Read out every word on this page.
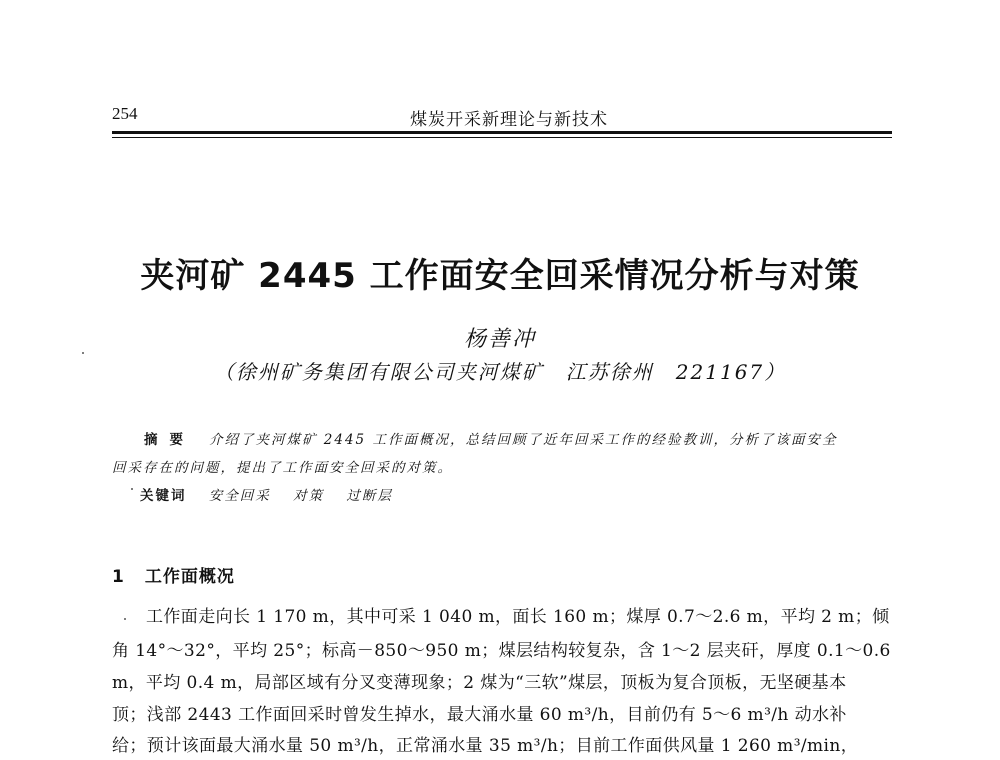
254	煤炭开采新理论与新技术
夹河矿 2445 工作面安全回采情况分析与对策
杨善冲
（徐州矿务集团有限公司夹河煤矿　江苏徐州　221167）
摘要 介绍了夹河煤矿 2445 工作面概况，总结回顾了近年回采工作的经验教训，分析了该面安全
回采存在的问题，提出了工作面安全回采的对策。
关键词 安全回采 对策 过断层
1 工作面概况
工作面走向长 1 170 m，其中可采 1 040 m，面长 160 m；煤厚 0.7～2.6 m，平均 2 m；倾
角 14°～32°，平均 25°；标高－850～950 m；煤层结构较复杂，含 1～2 层夹矸，厚度 0.1～0.6
m，平均 0.4 m，局部区域有分叉变薄现象；2 煤为“三软”煤层，顶板为复合顶板，无坚硬基本
顶；浅部 2443 工作面回采时曾发生掉水，最大涌水量 60 m³/h，目前仍有 5～6 m³/h 动水补
给；预计该面最大涌水量 50 m³/h，正常涌水量 35 m³/h；目前工作面供风量 1 260 m³/min，
